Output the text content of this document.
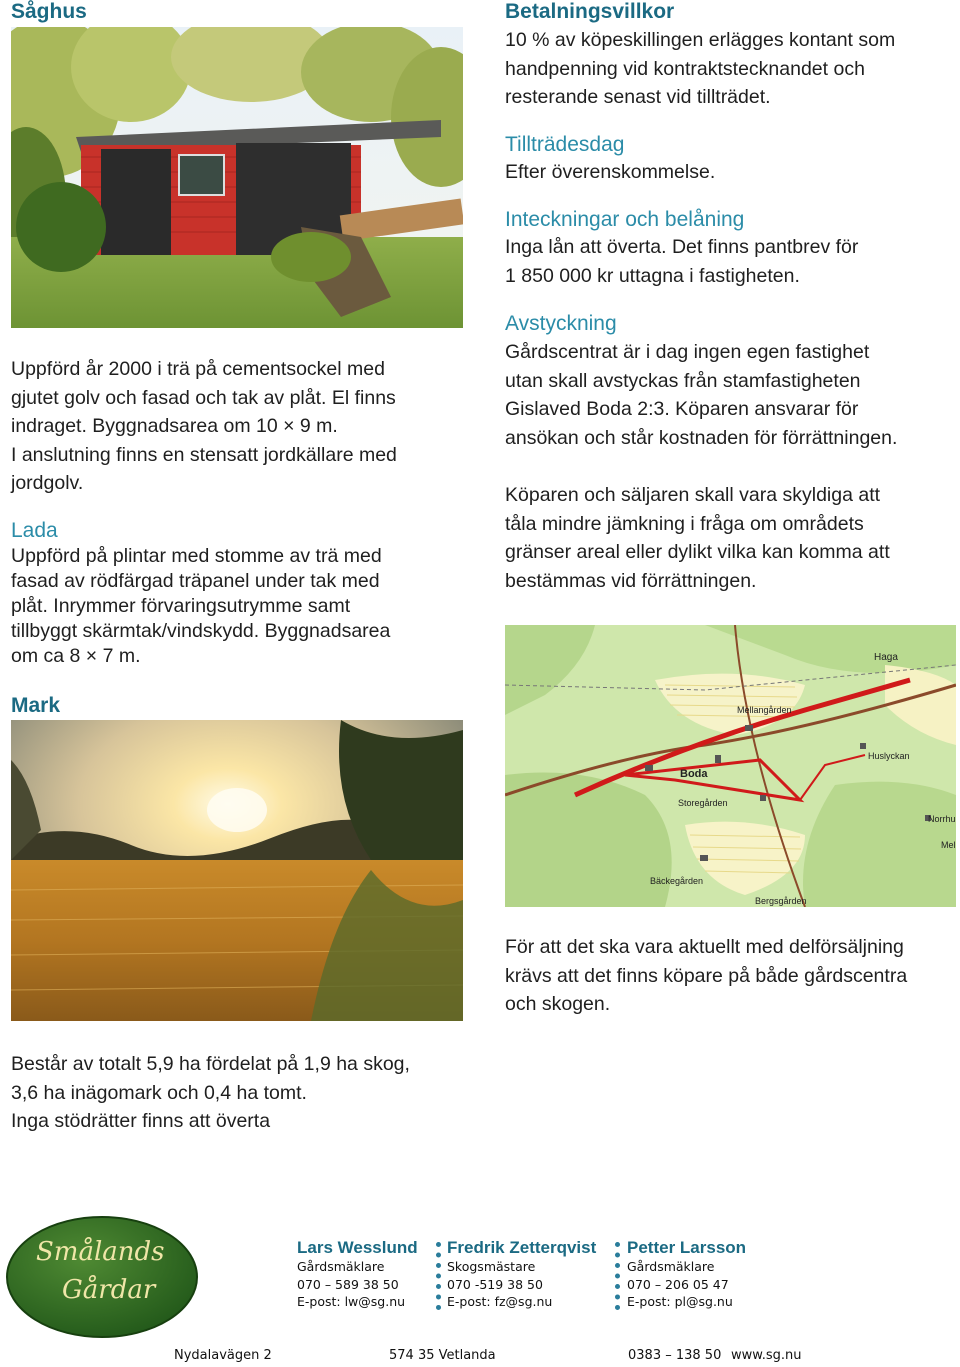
Såghus
Uppförd år 2000 i trä på cementsockel med
gjutet golv och fasad och tak av plåt. El finns
indraget. Byggnadsarea om 10 × 9 m.
I anslutning finns en stensatt jordkällare med
jordgolv.
Lada
Uppförd på plintar med stomme av trä med
fasad av rödfärgad träpanel under tak med
plåt. Inrymmer förvaringsutrymme samt
tillbyggt skärmtak/vindskydd. Byggnadsarea
om ca 8 × 7 m.
Mark
Består av totalt 5,9 ha fördelat på 1,9 ha skog,
3,6 ha inägomark och 0,4 ha tomt.
Inga stödrätter finns att överta
Betalningsvillkor
10 % av köpeskillingen erlägges kontant som
handpenning vid kontraktstecknandet och
resterande senast vid tillträdet.
Tillträdesdag
Efter överenskommelse.
Inteckningar och belåning
Inga lån att överta. Det finns pantbrev för
1 850 000 kr uttagna i fastigheten.
Avstyckning
Gårdscentrat är i dag ingen egen fastighet
utan skall avstyckas från stamfastigheten
Gislaved Boda 2:3. Köparen ansvarar för
ansökan och står kostnaden för förrättningen.
Köparen och säljaren skall vara skyldiga att
tåla mindre jämkning i fråga om områdets
gränser areal eller dylikt vilka kan komma att
bestämmas vid förrättningen.
Haga
Mellangården
Huslyckan
Boda
Storegården
Norrhu
Mel
Bäckegården
Bergsgården
För att det ska vara aktuellt med delförsäljning
krävs att det finns köpare på både gårdscentra
och skogen.
Smålands
Gårdar
Lars Wesslund
Gårdsmäklare
070 – 589 38 50
E-post: lw@sg.nu
Fredrik Zetterqvist
Skogsmästare
070 -519 38 50
E-post: fz@sg.nu
Petter Larsson
Gårdsmäklare
070 – 206 05 47
E-post: pl@sg.nu
Nydalavägen 2	574 35 Vetlanda	0383 – 138 50 www.sg.nu
